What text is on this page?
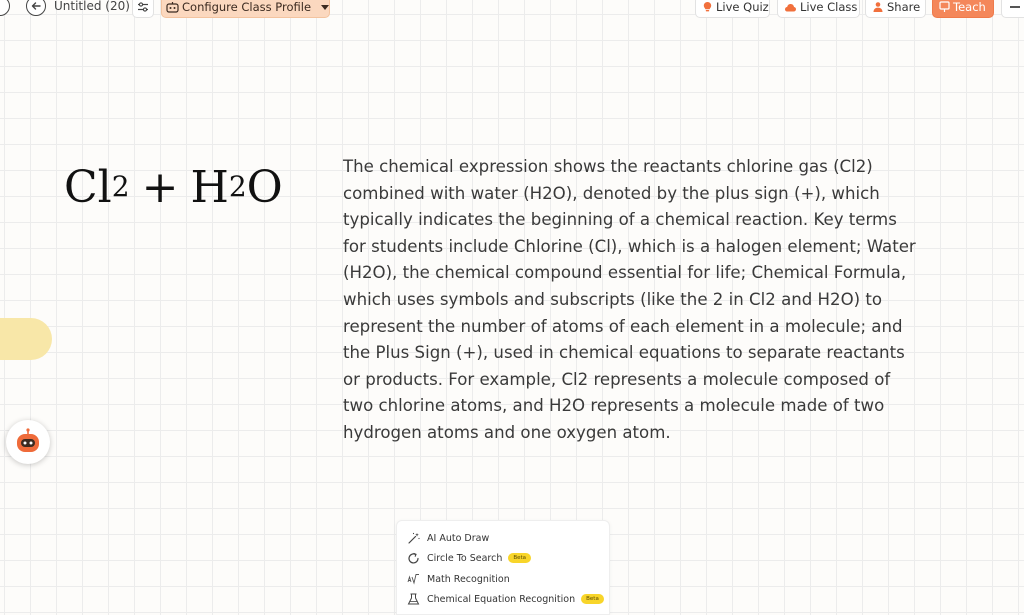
Untitled (20)	Configure Class Profile	Live Quiz	Live Class	Share	Teach
Cl 2 + H 2 O	The chemical expression shows the reactants chlorine gas (Cl2) combined with water (H2O), denoted by the plus sign (+), which typically indicates the beginning of a chemical reaction. Key terms for students include Chlorine (Cl), which is a halogen element; Water (H2O), the chemical compound essential for life; Chemical Formula, which uses symbols and subscripts (like the 2 in Cl2 and H2O) to represent the number of atoms of each element in a molecule; and the Plus Sign (+), used in chemical equations to separate reactants or products. For example, Cl2 represents a molecule composed of two chlorine atoms, and H2O represents a molecule made of two hydrogen atoms and one oxygen atom.

AI Auto Draw
Circle To Search	Beta
Math Recognition
Chemical Equation Recognition	Beta
